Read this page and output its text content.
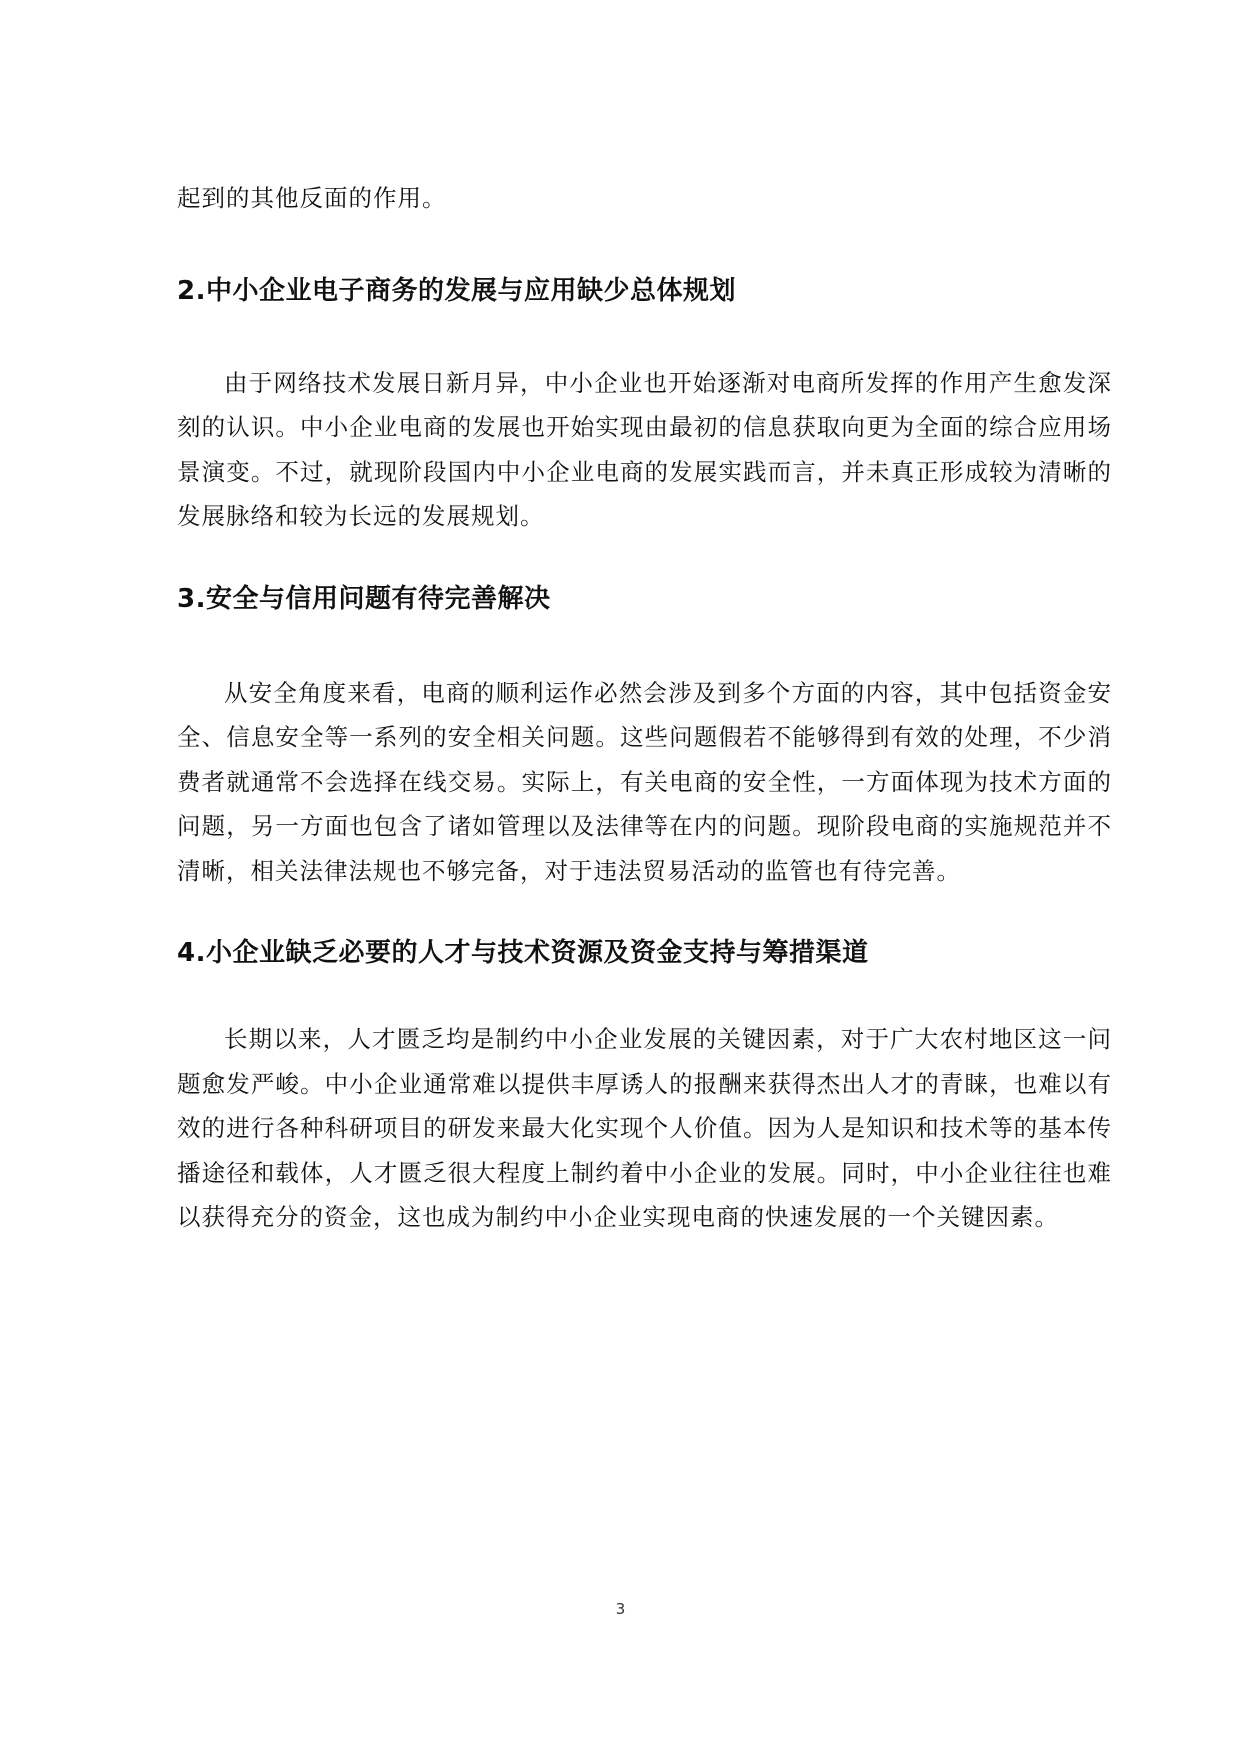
起到的其他反面的作用。

2.中小企业电子商务的发展与应用缺少总体规划

由于网络技术发展日新月异，中小企业也开始逐渐对电商所发挥的作用产生愈发深刻的认识。中小企业电商的发展也开始实现由最初的信息获取向更为全面的综合应用场景演变。不过，就现阶段国内中小企业电商的发展实践而言，并未真正形成较为清晰的发展脉络和较为长远的发展规划。

3.安全与信用问题有待完善解决

从安全角度来看，电商的顺利运作必然会涉及到多个方面的内容，其中包括资金安全、信息安全等一系列的安全相关问题。这些问题假若不能够得到有效的处理，不少消费者就通常不会选择在线交易。实际上，有关电商的安全性，一方面体现为技术方面的问题，另一方面也包含了诸如管理以及法律等在内的问题。现阶段电商的实施规范并不清晰，相关法律法规也不够完备，对于违法贸易活动的监管也有待完善。

4.小企业缺乏必要的人才与技术资源及资金支持与筹措渠道

长期以来，人才匮乏均是制约中小企业发展的关键因素，对于广大农村地区这一问题愈发严峻。中小企业通常难以提供丰厚诱人的报酬来获得杰出人才的青睐，也难以有效的进行各种科研项目的研发来最大化实现个人价值。因为人是知识和技术等的基本传播途径和载体，人才匮乏很大程度上制约着中小企业的发展。同时，中小企业往往也难以获得充分的资金，这也成为制约中小企业实现电商的快速发展的一个关键因素。

3
